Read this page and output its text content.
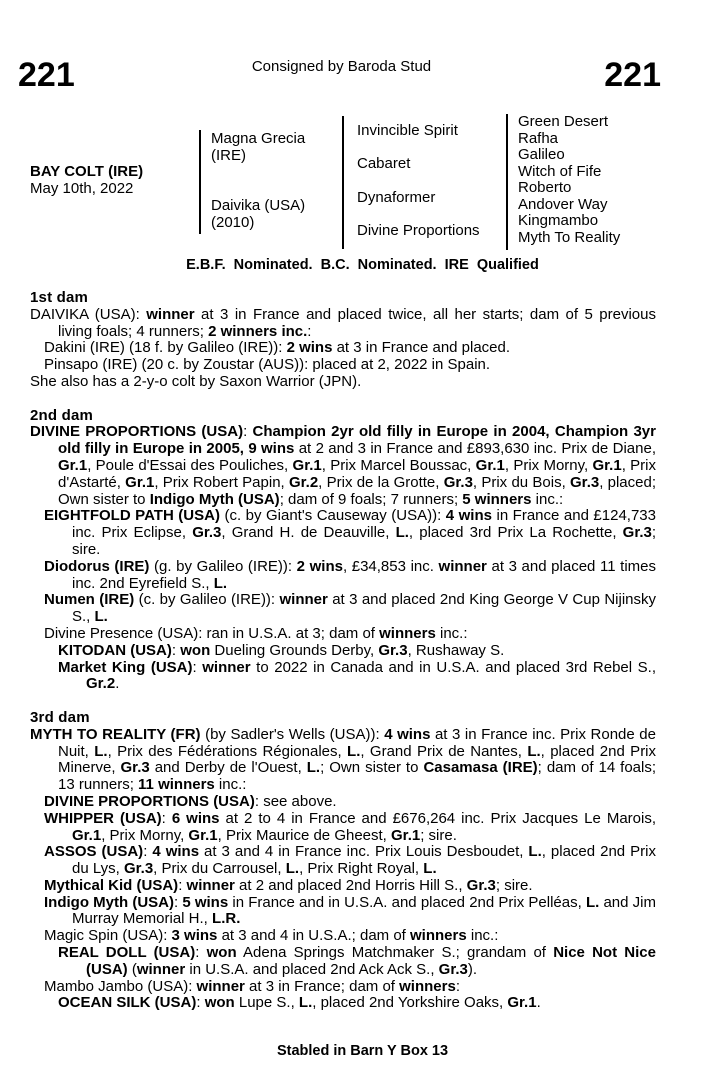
221	Consigned by Baroda Stud	221
BAY COLT (IRE)
May 10th, 2022
Magna Grecia
(IRE)
Daivika (USA)
(2010)
Invincible Spirit
Cabaret
Dynaformer
Divine Proportions
Green Desert
Rafha
Galileo
Witch of Fife
Roberto
Andover Way
Kingmambo
Myth To Reality
E.B.F. Nominated. B.C. Nominated. IRE Qualified
1st dam
DAIVIKA (USA): winner at 3 in France and placed twice, all her starts; dam of 5 previous living foals; 4 runners; 2 winners inc.:
Dakini (IRE) (18 f. by Galileo (IRE)): 2 wins at 3 in France and placed.
Pinsapo (IRE) (20 c. by Zoustar (AUS)): placed at 2, 2022 in Spain.
She also has a 2-y-o colt by Saxon Warrior (JPN).
2nd dam
DIVINE PROPORTIONS (USA): Champion 2yr old filly in Europe in 2004, Champion 3yr old filly in Europe in 2005, 9 wins at 2 and 3 in France and £893,630 inc. Prix de Diane, Gr.1, Poule d'Essai des Pouliches, Gr.1, Prix Marcel Boussac, Gr.1, Prix Morny, Gr.1, Prix d'Astarté, Gr.1, Prix Robert Papin, Gr.2, Prix de la Grotte, Gr.3, Prix du Bois, Gr.3, placed; Own sister to Indigo Myth (USA); dam of 9 foals; 7 runners; 5 winners inc.:
EIGHTFOLD PATH (USA) (c. by Giant's Causeway (USA)): 4 wins in France and £124,733 inc. Prix Eclipse, Gr.3, Grand H. de Deauville, L., placed 3rd Prix La Rochette, Gr.3; sire.
Diodorus (IRE) (g. by Galileo (IRE)): 2 wins, £34,853 inc. winner at 3 and placed 11 times inc. 2nd Eyrefield S., L.
Numen (IRE) (c. by Galileo (IRE)): winner at 3 and placed 2nd King George V Cup Nijinsky S., L.
Divine Presence (USA): ran in U.S.A. at 3; dam of winners inc.:
KITODAN (USA): won Dueling Grounds Derby, Gr.3, Rushaway S.
Market King (USA): winner to 2022 in Canada and in U.S.A. and placed 3rd Rebel S., Gr.2.
3rd dam
MYTH TO REALITY (FR) (by Sadler's Wells (USA)): 4 wins at 3 in France inc. Prix Ronde de Nuit, L., Prix des Fédérations Régionales, L., Grand Prix de Nantes, L., placed 2nd Prix Minerve, Gr.3 and Derby de l'Ouest, L.; Own sister to Casamasa (IRE); dam of 14 foals; 13 runners; 11 winners inc.:
DIVINE PROPORTIONS (USA): see above.
WHIPPER (USA): 6 wins at 2 to 4 in France and £676,264 inc. Prix Jacques Le Marois, Gr.1, Prix Morny, Gr.1, Prix Maurice de Gheest, Gr.1; sire.
ASSOS (USA): 4 wins at 3 and 4 in France inc. Prix Louis Desboudet, L., placed 2nd Prix du Lys, Gr.3, Prix du Carrousel, L., Prix Right Royal, L.
Mythical Kid (USA): winner at 2 and placed 2nd Horris Hill S., Gr.3; sire.
Indigo Myth (USA): 5 wins in France and in U.S.A. and placed 2nd Prix Pelléas, L. and Jim Murray Memorial H., L.R.
Magic Spin (USA): 3 wins at 3 and 4 in U.S.A.; dam of winners inc.:
REAL DOLL (USA): won Adena Springs Matchmaker S.; grandam of Nice Not Nice (USA) (winner in U.S.A. and placed 2nd Ack Ack S., Gr.3).
Mambo Jambo (USA): winner at 3 in France; dam of winners:
OCEAN SILK (USA): won Lupe S., L., placed 2nd Yorkshire Oaks, Gr.1.
Stabled in Barn Y Box 13
